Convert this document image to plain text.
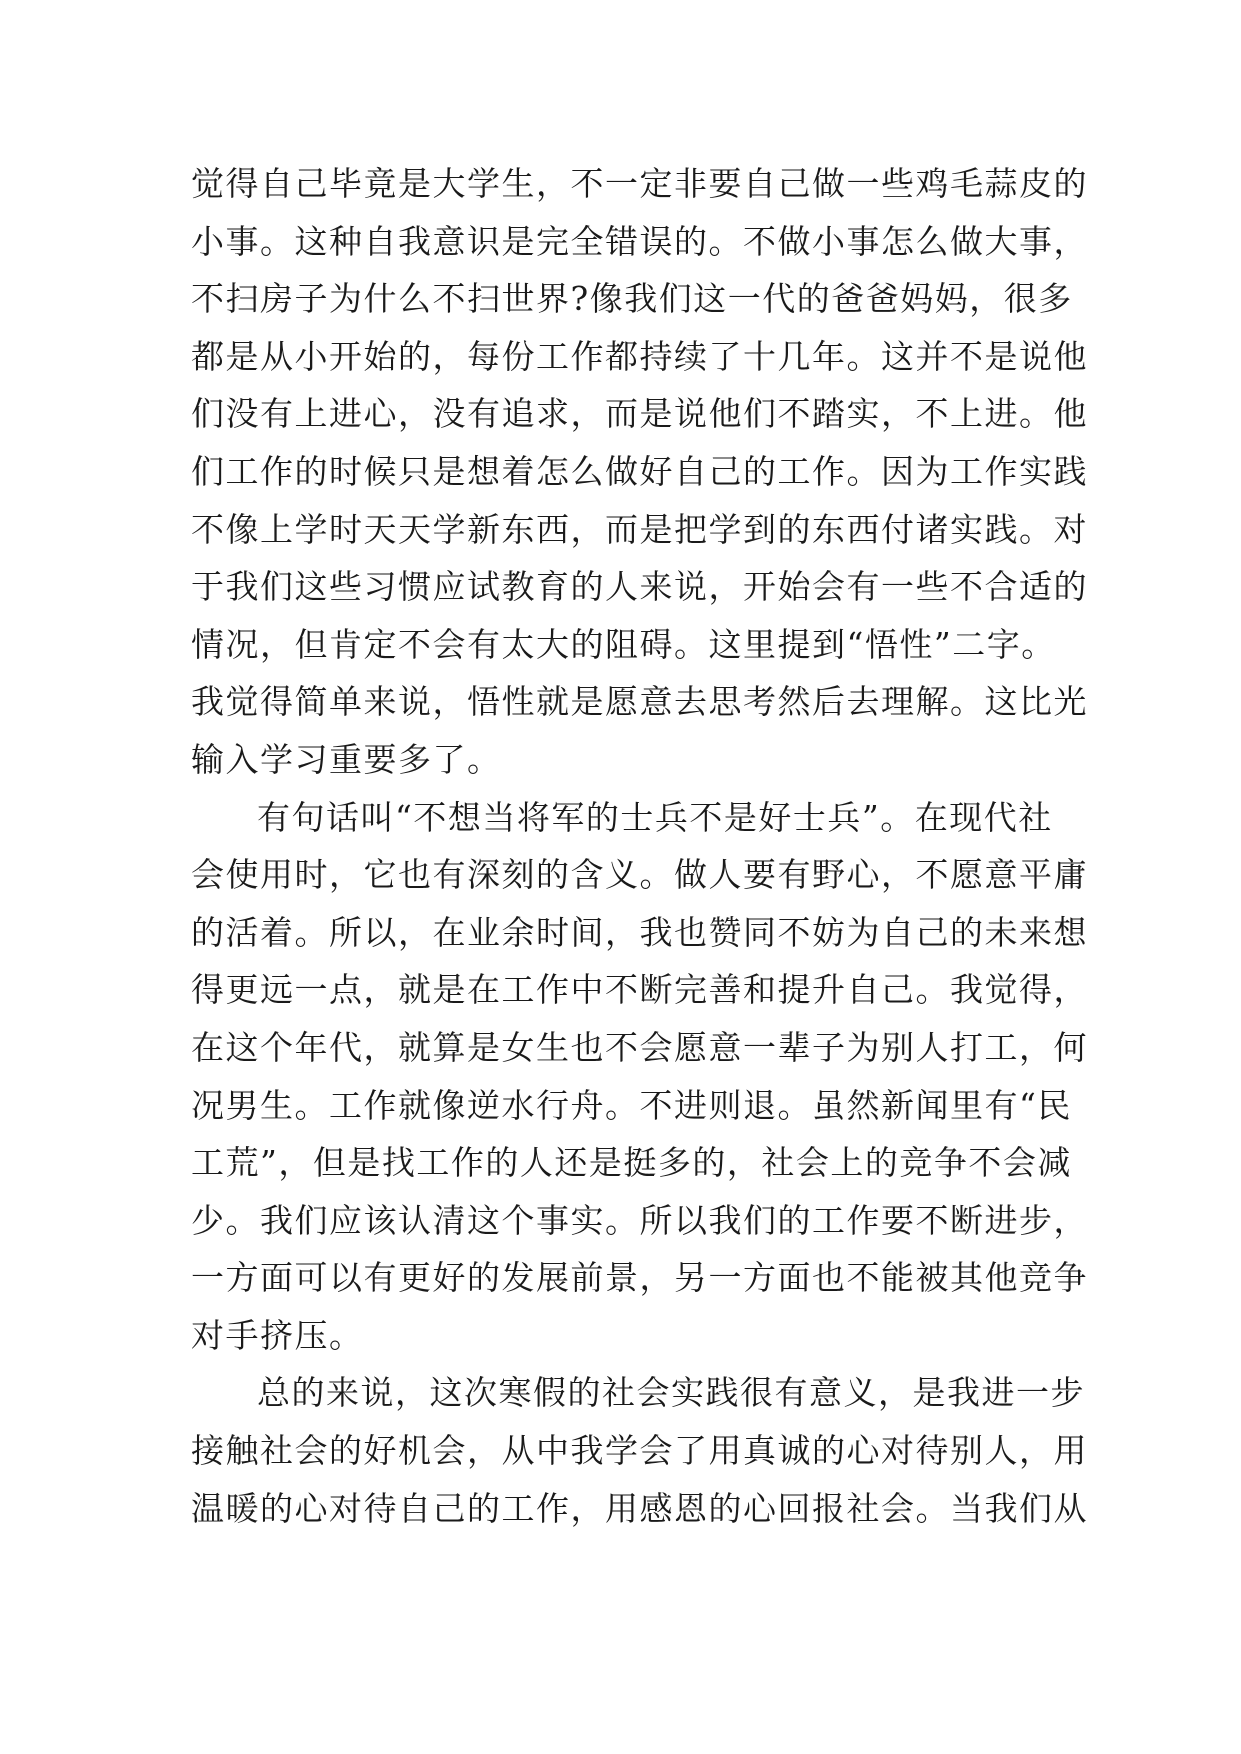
觉得自己毕竟是大学生，不一定非要自己做一些鸡毛蒜皮的
小事。这种自我意识是完全错误的。不做小事怎么做大事，
不扫房子为什么不扫世界?像我们这一代的爸爸妈妈，很多
都是从小开始的，每份工作都持续了十几年。这并不是说他
们没有上进心，没有追求，而是说他们不踏实，不上进。他
们工作的时候只是想着怎么做好自己的工作。因为工作实践
不像上学时天天学新东西，而是把学到的东西付诸实践。对
于我们这些习惯应试教育的人来说，开始会有一些不合适的
情况，但肯定不会有太大的阻碍。这里提到“悟性”二字。
我觉得简单来说，悟性就是愿意去思考然后去理解。这比光
输入学习重要多了。
有句话叫“不想当将军的士兵不是好士兵”。在现代社
会使用时，它也有深刻的含义。做人要有野心，不愿意平庸
的活着。所以，在业余时间，我也赞同不妨为自己的未来想
得更远一点，就是在工作中不断完善和提升自己。我觉得，
在这个年代，就算是女生也不会愿意一辈子为别人打工，何
况男生。工作就像逆水行舟。不进则退。虽然新闻里有“民
工荒”，但是找工作的人还是挺多的，社会上的竞争不会减
少。我们应该认清这个事实。所以我们的工作要不断进步，
一方面可以有更好的发展前景，另一方面也不能被其他竞争
对手挤压。
总的来说，这次寒假的社会实践很有意义，是我进一步
接触社会的好机会，从中我学会了用真诚的心对待别人，用
温暖的心对待自己的工作，用感恩的心回报社会。当我们从
